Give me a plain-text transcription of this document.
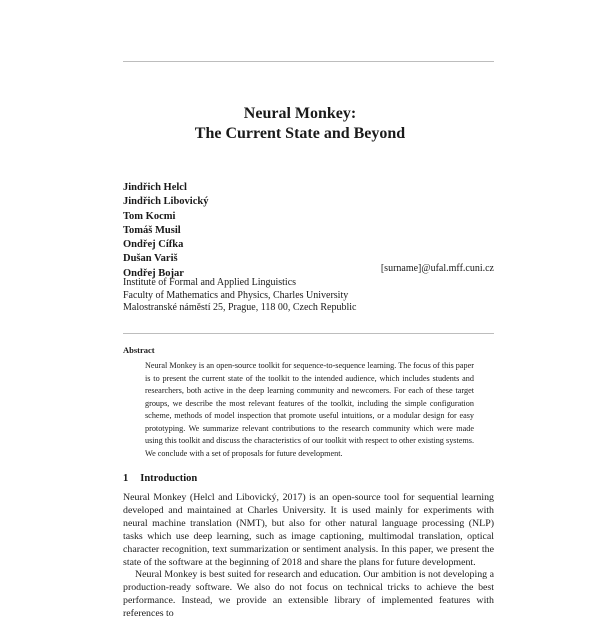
Neural Monkey:
The Current State and Beyond
Jindřich Helcl
Jindřich Libovický
Tom Kocmi
Tomáš Musil
Ondřej Cífka
Dušan Variš
Ondřej Bojar	[surname]@ufal.mff.cuni.cz
Institute of Formal and Applied Linguistics
Faculty of Mathematics and Physics, Charles University
Malostranské náměstí 25, Prague, 118 00, Czech Republic
Abstract
Neural Monkey is an open-source toolkit for sequence-to-sequence learning. The focus of this paper is to present the current state of the toolkit to the intended audience, which includes students and researchers, both active in the deep learning community and newcomers. For each of these target groups, we describe the most relevant features of the toolkit, including the simple configuration scheme, methods of model inspection that promote useful intuitions, or a modular design for easy prototyping. We summarize relevant contributions to the research community which were made using this toolkit and discuss the characteristics of our toolkit with respect to other existing systems. We conclude with a set of proposals for future development.
1 Introduction

Neural Monkey (Helcl and Libovický, 2017) is an open-source tool for sequential learning developed and maintained at Charles University. It is used mainly for experiments with neural machine translation (NMT), but also for other natural language processing (NLP) tasks which use deep learning, such as image captioning, multimodal translation, optical character recognition, text summarization or sentiment analysis. In this paper, we present the state of the software at the beginning of 2018 and share the plans for future development.

Neural Monkey is best suited for research and education. Our ambition is not developing a production-ready software. We also do not focus on technical tricks to achieve the best performance. Instead, we provide an extensible library of implemented features with references to
